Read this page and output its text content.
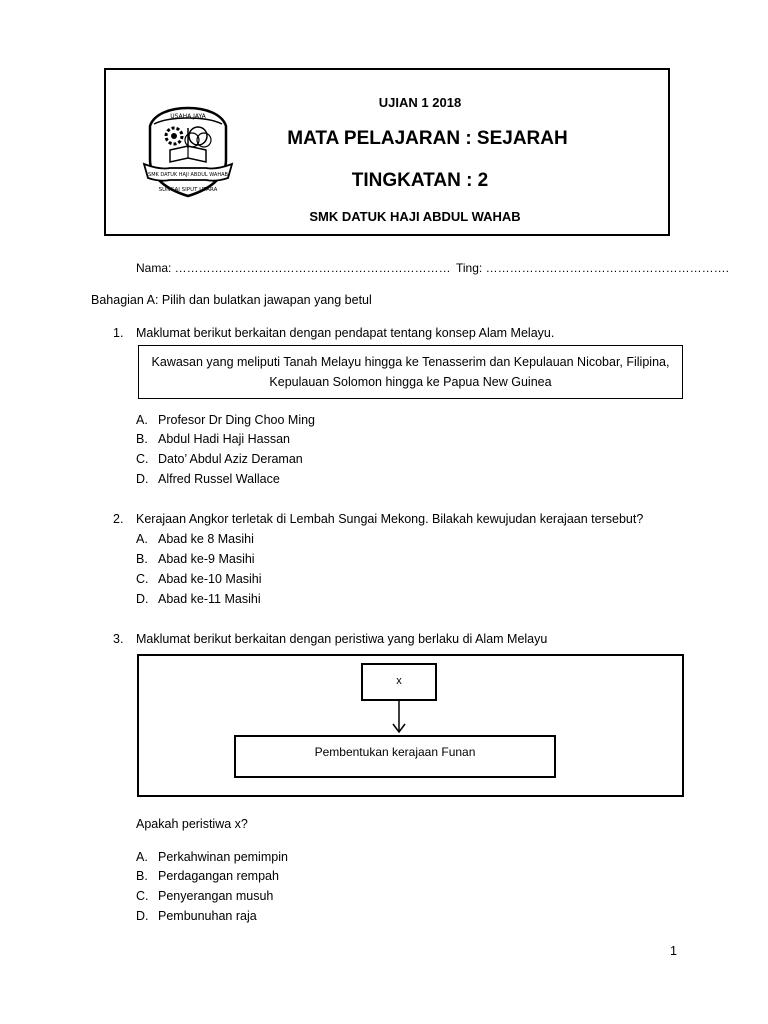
USAHA JAYA
SMK DATUK HAJI ABDUL WAHAB
SUNGAI SIPUT UTARA
UJIAN 1 2018
MATA PELAJARAN : SEJARAH
TINGKATAN : 2
SMK DATUK HAJI ABDUL WAHAB
Nama: …………………………………………………………… Ting: …………………………………………………….
Bahagian A: Pilih dan bulatkan jawapan yang betul
1. Maklumat berikut berkaitan dengan pendapat tentang konsep Alam Melayu.
Kawasan yang meliputi Tanah Melayu hingga ke Tenasserim dan Kepulauan Nicobar, Filipina,
Kepulauan Solomon hingga ke Papua New Guinea
A. Profesor Dr Ding Choo Ming
B. Abdul Hadi Haji Hassan
C. Dato’ Abdul Aziz Deraman
D. Alfred Russel Wallace
2. Kerajaan Angkor terletak di Lembah Sungai Mekong. Bilakah kewujudan kerajaan tersebut?
A. Abad ke 8 Masihi
B. Abad ke-9 Masihi
C. Abad ke-10 Masihi
D. Abad ke-11 Masihi
3. Maklumat berikut berkaitan dengan peristiwa yang berlaku di Alam Melayu
x
Pembentukan kerajaan Funan
Apakah peristiwa x?
A. Perkahwinan pemimpin
B. Perdagangan rempah
C. Penyerangan musuh
D. Pembunuhan raja
1
